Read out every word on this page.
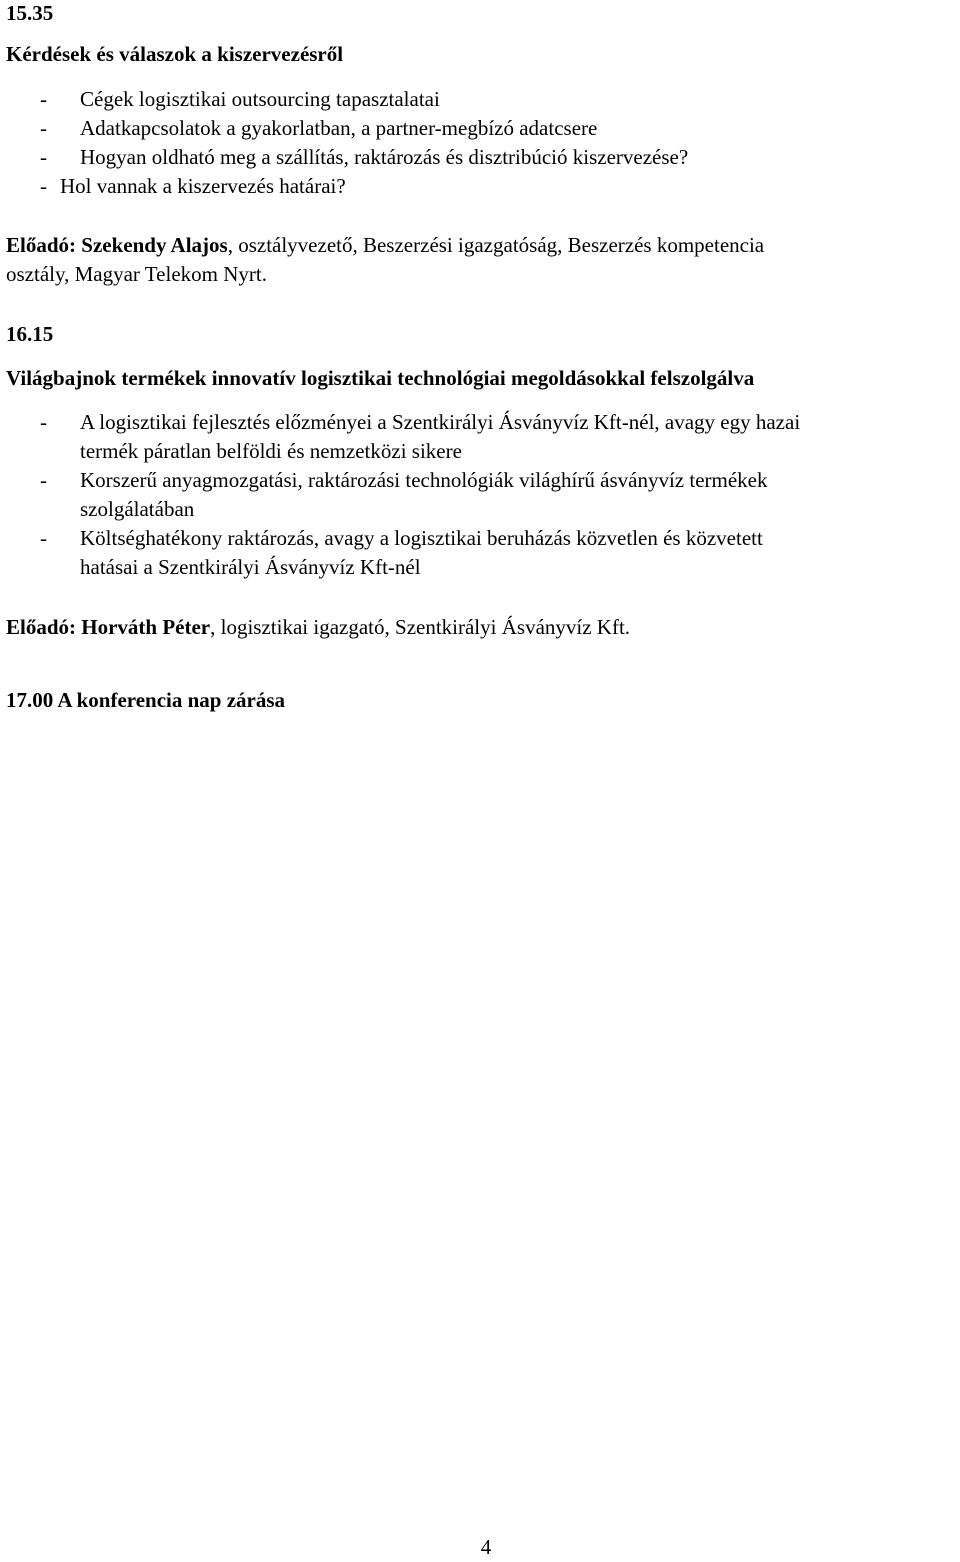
15.35
Kérdések és válaszok a kiszervezésről
- Cégek logisztikai outsourcing tapasztalatai
- Adatkapcsolatok a gyakorlatban, a partner-megbízó adatcsere
- Hogyan oldható meg a szállítás, raktározás és disztribúció kiszervezése?
- Hol vannak a kiszervezés határai?
Előadó: Szekendy Alajos, osztályvezető, Beszerzési igazgatóság, Beszerzés kompetencia
osztály, Magyar Telekom Nyrt.
16.15
Világbajnok termékek innovatív logisztikai technológiai megoldásokkal felszolgálva
- A logisztikai fejlesztés előzményei a Szentkirályi Ásványvíz Kft-nél, avagy egy hazai
termék páratlan belföldi és nemzetközi sikere
- Korszerű anyagmozgatási, raktározási technológiák világhírű ásványvíz termékek
szolgálatában
- Költséghatékony raktározás, avagy a logisztikai beruházás közvetlen és közvetett
hatásai a Szentkirályi Ásványvíz Kft-nél
Előadó: Horváth Péter, logisztikai igazgató, Szentkirályi Ásványvíz Kft.
17.00 A konferencia nap zárása
4
